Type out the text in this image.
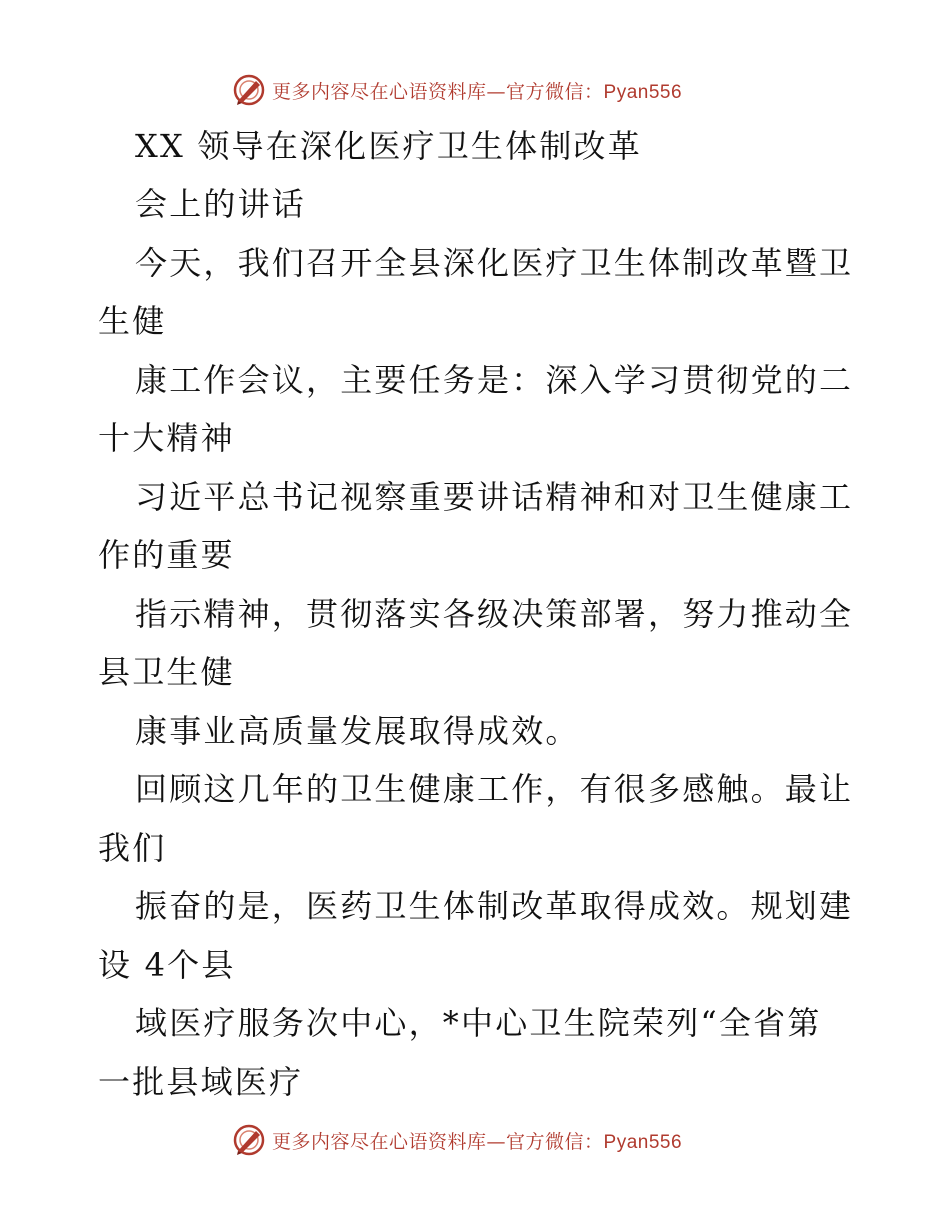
更多内容尽在心语资料库—官方微信：Pyan556
XX 领导在深化医疗卫生体制改革
会上的讲话
今天，我们召开全县深化医疗卫生体制改革暨卫
生健
康工作会议，主要任务是：深入学习贯彻党的二
十大精神
习近平总书记视察重要讲话精神和对卫生健康工
作的重要
指示精神，贯彻落实各级决策部署，努力推动全
县卫生健
康事业高质量发展取得成效。
回顾这几年的卫生健康工作，有很多感触。最让
我们
振奋的是，医药卫生体制改革取得成效。规划建
设 4个县
域医疗服务次中心，*中心卫生院荣列“全省第
一批县域医疗
更多内容尽在心语资料库—官方微信：Pyan556
